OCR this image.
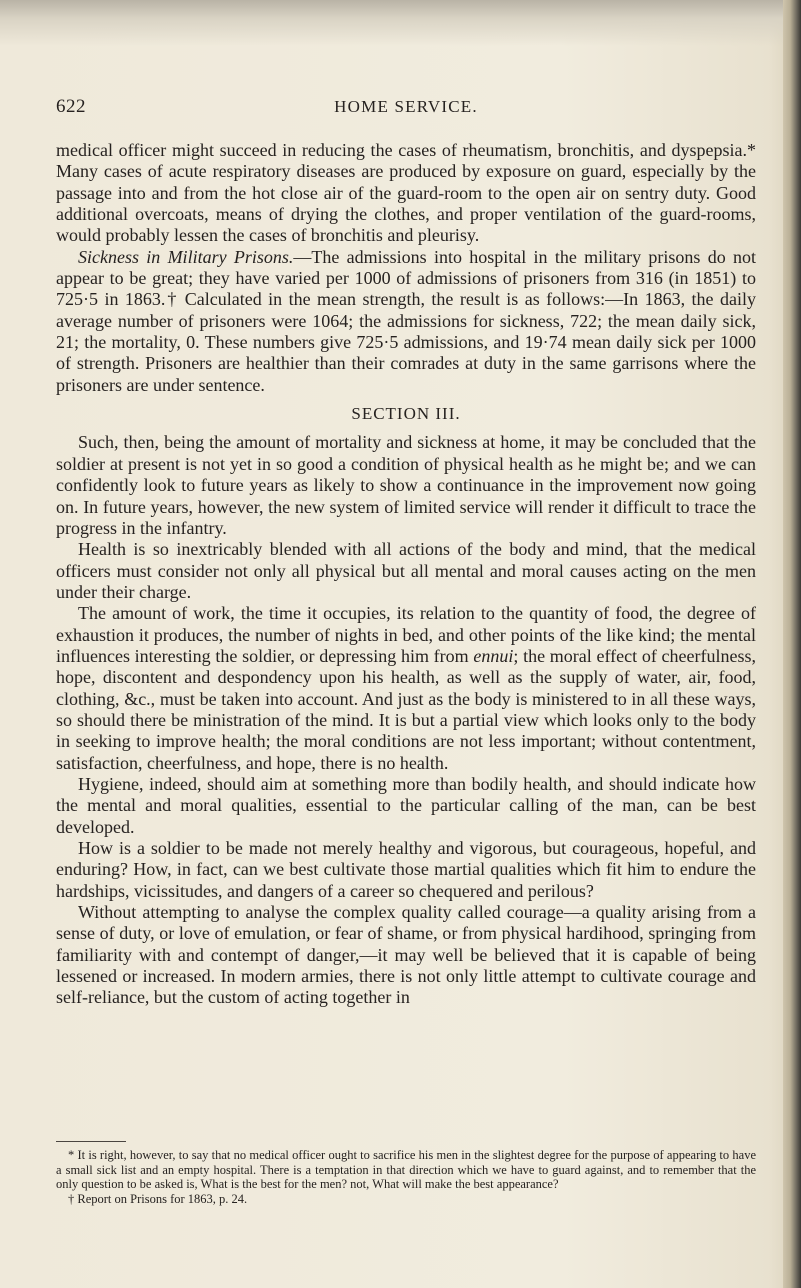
622	HOME SERVICE.

medical officer might succeed in reducing the cases of rheumatism, bronchitis, and dyspepsia.* Many cases of acute respiratory diseases are produced by exposure on guard, especially by the passage into and from the hot close air of the guard-room to the open air on sentry duty. Good additional overcoats, means of drying the clothes, and proper ventilation of the guard-rooms, would probably lessen the cases of bronchitis and pleurisy.

Sickness in Military Prisons.—The admissions into hospital in the military prisons do not appear to be great; they have varied per 1000 of admissions of prisoners from 316 (in 1851) to 725·5 in 1863.† Calculated in the mean strength, the result is as follows:—In 1863, the daily average number of prisoners were 1064; the admissions for sickness, 722; the mean daily sick, 21; the mortality, 0. These numbers give 725·5 admissions, and 19·74 mean daily sick per 1000 of strength. Prisoners are healthier than their comrades at duty in the same garrisons where the prisoners are under sentence.

SECTION III.

Such, then, being the amount of mortality and sickness at home, it may be concluded that the soldier at present is not yet in so good a condition of physical health as he might be; and we can confidently look to future years as likely to show a continuance in the improvement now going on. In future years, however, the new system of limited service will render it difficult to trace the progress in the infantry.

Health is so inextricably blended with all actions of the body and mind, that the medical officers must consider not only all physical but all mental and moral causes acting on the men under their charge.

The amount of work, the time it occupies, its relation to the quantity of food, the degree of exhaustion it produces, the number of nights in bed, and other points of the like kind; the mental influences interesting the soldier, or depressing him from ennui; the moral effect of cheerfulness, hope, discontent and despondency upon his health, as well as the supply of water, air, food, clothing, &c., must be taken into account. And just as the body is ministered to in all these ways, so should there be ministration of the mind. It is but a partial view which looks only to the body in seeking to improve health; the moral conditions are not less important; without contentment, satisfaction, cheerfulness, and hope, there is no health.

Hygiene, indeed, should aim at something more than bodily health, and should indicate how the mental and moral qualities, essential to the particular calling of the man, can be best developed.

How is a soldier to be made not merely healthy and vigorous, but courageous, hopeful, and enduring? How, in fact, can we best cultivate those martial qualities which fit him to endure the hardships, vicissitudes, and dangers of a career so chequered and perilous?

Without attempting to analyse the complex quality called courage—a quality arising from a sense of duty, or love of emulation, or fear of shame, or from physical hardihood, springing from familiarity with and contempt of danger,—it may well be believed that it is capable of being lessened or increased. In modern armies, there is not only little attempt to cultivate courage and self-reliance, but the custom of acting together in

* It is right, however, to say that no medical officer ought to sacrifice his men in the slightest degree for the purpose of appearing to have a small sick list and an empty hospital. There is a temptation in that direction which we have to guard against, and to remember that the only question to be asked is, What is the best for the men? not, What will make the best appearance?

† Report on Prisons for 1863, p. 24.
